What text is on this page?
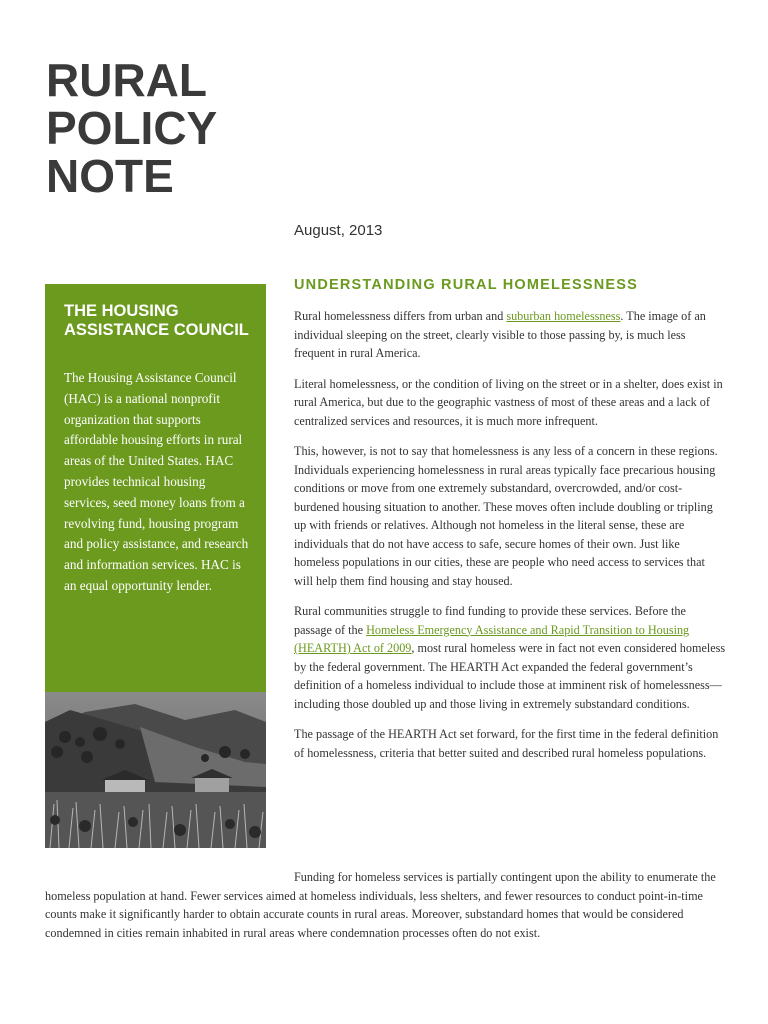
RURAL
POLICY
NOTE
August, 2013
UNDERSTANDING RURAL HOMELESSNESS
THE HOUSING ASSISTANCE COUNCIL

The Housing Assistance Council (HAC) is a national nonprofit organization that supports affordable housing efforts in rural areas of the United States. HAC provides technical housing services, seed money loans from a revolving fund, housing program and policy assistance, and research and information services. HAC is an equal opportunity lender.

Rural homelessness differs from urban and suburban homelessness. The image of an individual sleeping on the street, clearly visible to those passing by, is much less frequent in rural America.

Literal homelessness, or the condition of living on the street or in a shelter, does exist in rural America, but due to the geographic vastness of most of these areas and a lack of centralized services and resources, it is much more infrequent.

This, however, is not to say that homelessness is any less of a concern in these regions. Individuals experiencing homelessness in rural areas typically face precarious housing conditions or move from one extremely substandard, overcrowded, and/or cost-burdened housing situation to another. These moves often include doubling or tripling up with friends or relatives. Although not homeless in the literal sense, these are individuals that do not have access to safe, secure homes of their own. Just like homeless populations in our cities, these are people who need access to services that will help them find housing and stay housed.

Rural communities struggle to find funding to provide these services. Before the passage of the Homeless Emergency Assistance and Rapid Transition to Housing (HEARTH) Act of 2009, most rural homeless were in fact not even considered homeless by the federal government. The HEARTH Act expanded the federal government’s definition of a homeless individual to include those at imminent risk of homelessness—including those doubled up and those living in extremely substandard conditions.

The passage of the HEARTH Act set forward, for the first time in the federal definition of homelessness, criteria that better suited and described rural homeless populations.

Funding for homeless services is partially contingent upon the ability to enumerate the homeless population at hand. Fewer services aimed at homeless individuals, less shelters, and fewer resources to conduct point-in-time counts make it significantly harder to obtain accurate counts in rural areas. Moreover, substandard homes that would be considered condemned in cities remain inhabited in rural areas where condemnation processes often do not exist.
